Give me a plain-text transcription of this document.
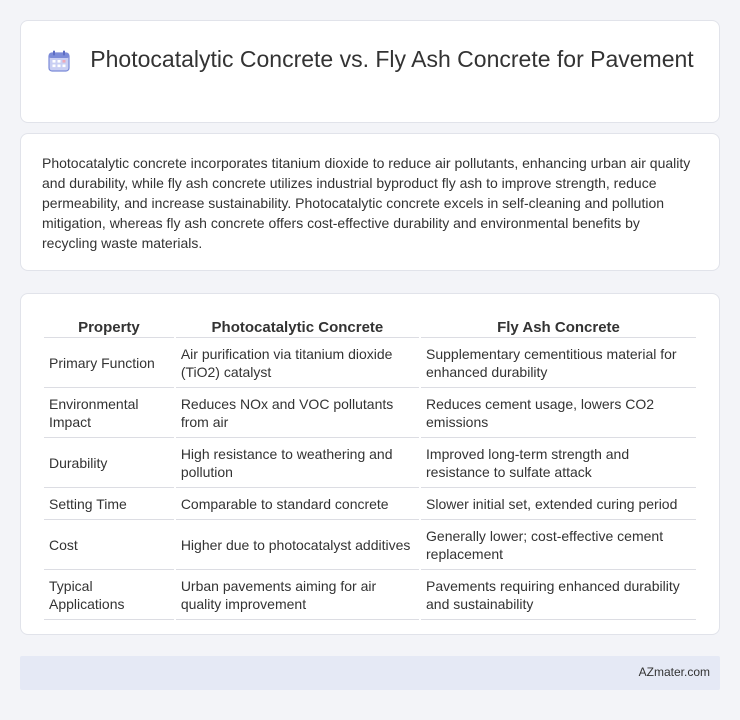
Photocatalytic Concrete vs. Fly Ash Concrete for Pavement

Photocatalytic concrete incorporates titanium dioxide to reduce air pollutants, enhancing urban air quality and durability, while fly ash concrete utilizes industrial byproduct fly ash to improve strength, reduce permeability, and increase sustainability. Photocatalytic concrete excels in self-cleaning and pollution mitigation, whereas fly ash concrete offers cost-effective durability and environmental benefits by recycling waste materials.

Property	Photocatalytic Concrete	Fly Ash Concrete
Primary Function	Air purification via titanium dioxide (TiO2) catalyst	Supplementary cementitious material for enhanced durability
Environmental Impact	Reduces NOx and VOC pollutants from air	Reduces cement usage, lowers CO2 emissions
Durability	High resistance to weathering and pollution	Improved long-term strength and resistance to sulfate attack
Setting Time	Comparable to standard concrete	Slower initial set, extended curing period
Cost	Higher due to photocatalyst additives	Generally lower; cost-effective cement replacement
Typical Applications	Urban pavements aiming for air quality improvement	Pavements requiring enhanced durability and sustainability
AZmater.com
